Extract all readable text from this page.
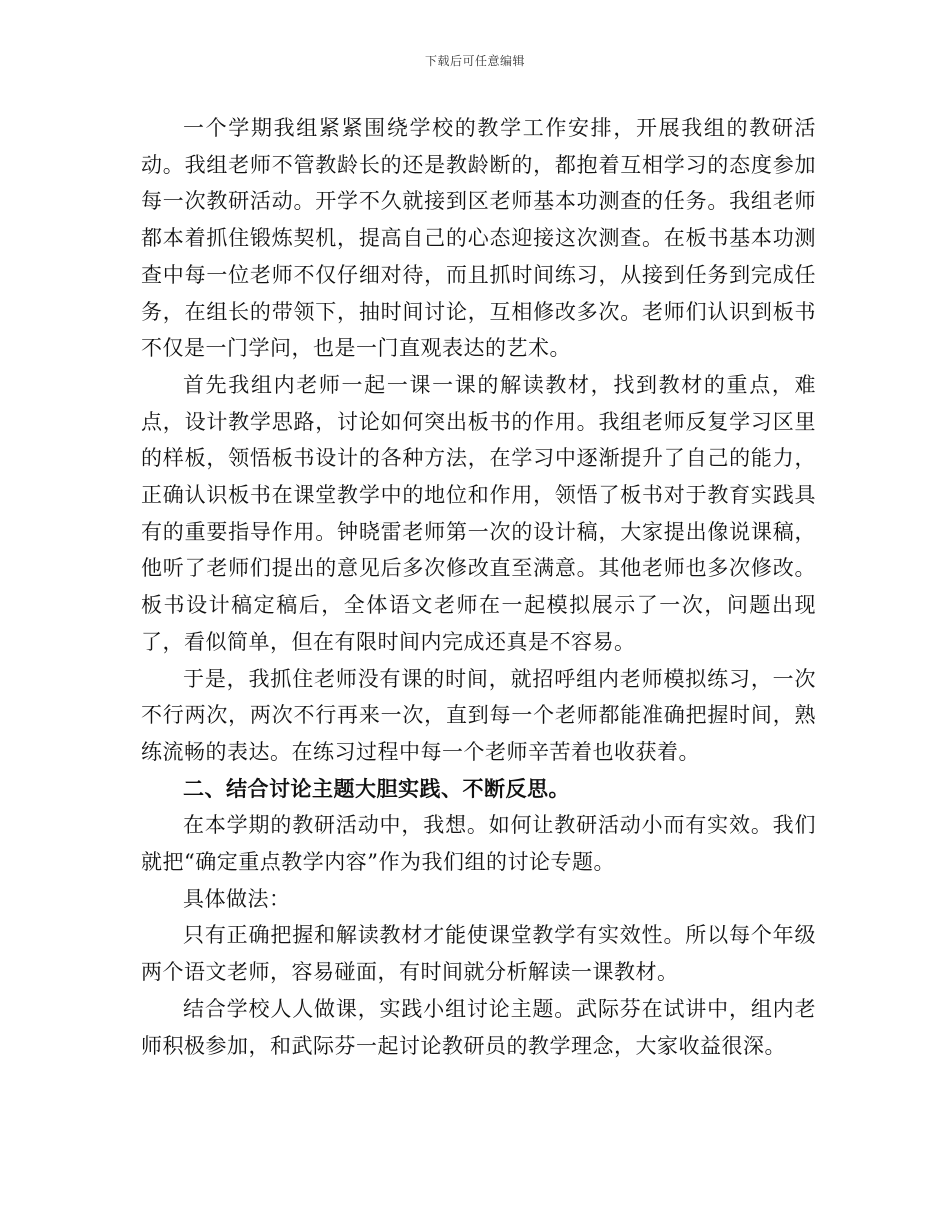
下载后可任意编辑

一个学期我组紧紧围绕学校的教学工作安排，开展我组的教研活动。我组老师不管教龄长的还是教龄断的，都抱着互相学习的态度参加每一次教研活动。开学不久就接到区老师基本功测查的任务。我组老师都本着抓住锻炼契机，提高自己的心态迎接这次测查。在板书基本功测查中每一位老师不仅仔细对待，而且抓时间练习，从接到任务到完成任务，在组长的带领下，抽时间讨论，互相修改多次。老师们认识到板书不仅是一门学问，也是一门直观表达的艺术。

首先我组内老师一起一课一课的解读教材，找到教材的重点，难点，设计教学思路，讨论如何突出板书的作用。我组老师反复学习区里的样板，领悟板书设计的各种方法，在学习中逐渐提升了自己的能力，正确认识板书在课堂教学中的地位和作用，领悟了板书对于教育实践具有的重要指导作用。钟晓雷老师第一次的设计稿，大家提出像说课稿，他听了老师们提出的意见后多次修改直至满意。其他老师也多次修改。板书设计稿定稿后，全体语文老师在一起模拟展示了一次，问题出现了，看似简单，但在有限时间内完成还真是不容易。

于是，我抓住老师没有课的时间，就招呼组内老师模拟练习，一次不行两次，两次不行再来一次，直到每一个老师都能准确把握时间，熟练流畅的表达。在练习过程中每一个老师辛苦着也收获着。

二、结合讨论主题大胆实践、不断反思。

在本学期的教研活动中，我想。如何让教研活动小而有实效。我们就把“确定重点教学内容”作为我们组的讨论专题。

具体做法：

只有正确把握和解读教材才能使课堂教学有实效性。所以每个年级两个语文老师，容易碰面，有时间就分析解读一课教材。

结合学校人人做课，实践小组讨论主题。武际芬在试讲中，组内老师积极参加，和武际芬一起讨论教研员的教学理念，大家收益很深。
